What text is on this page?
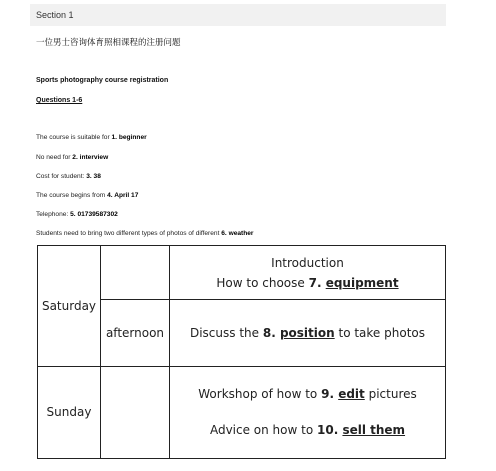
Section 1
一位男士咨询体育照相课程的注册问题
Sports photography course registration
Questions 1-6
The course is suitable for 1. beginner
No need for 2. interview
Cost for student: 3. 38
The course begins from 4. April 17
Telephone: 5. 01739587302
Students need to bring two different types of photos of different 6. weather
Saturday		Introduction
How to choose 7. equipment

	afternoon	Discuss the 8. position to take photos
Sunday		Workshop of how to 9. edit pictures
Advice on how to 10. sell them
